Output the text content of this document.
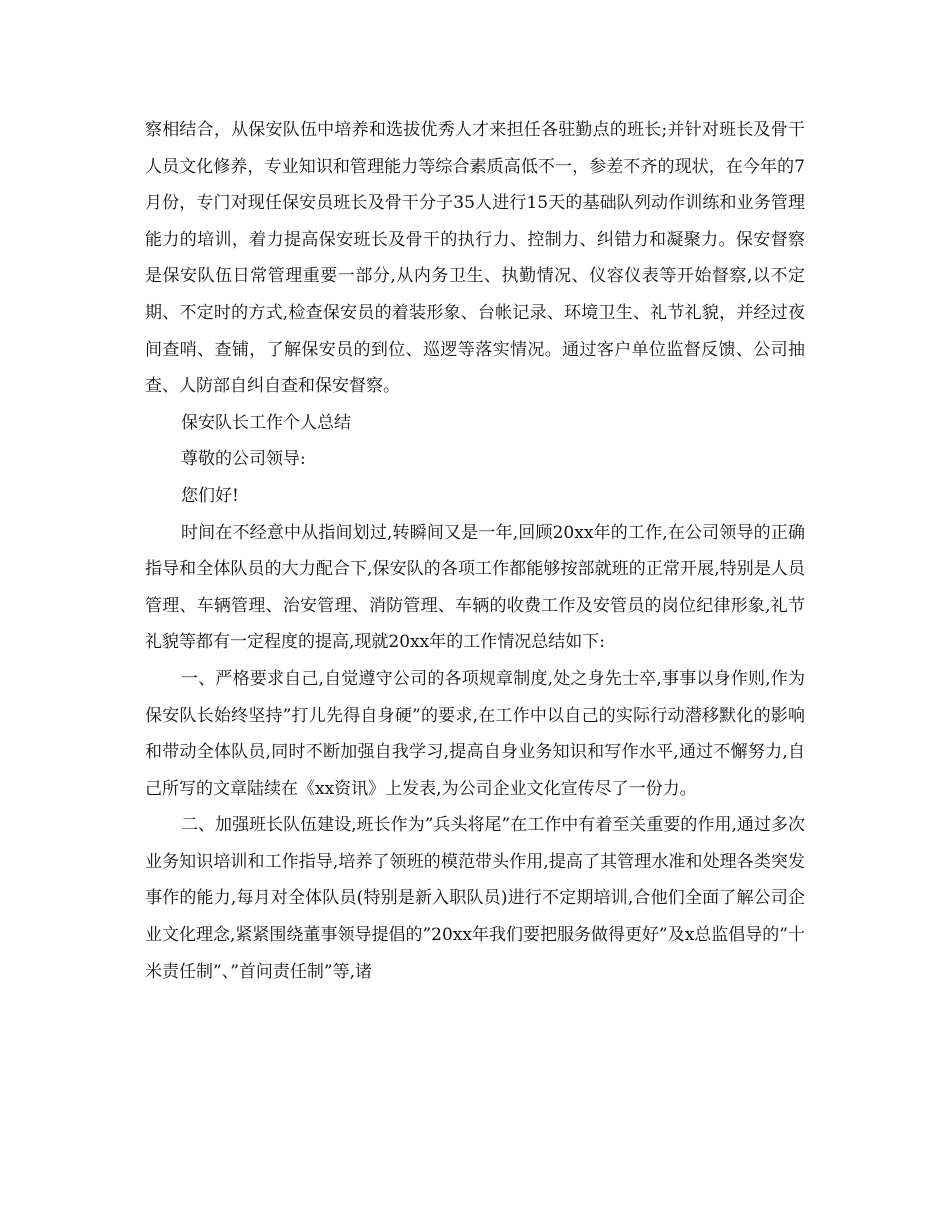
察相结合，从保安队伍中培养和选拔优秀人才来担任各驻勤点的班长;并针对班长及骨干人员文化修养，专业知识和管理能力等综合素质高低不一，参差不齐的现状，在今年的7月份，专门对现任保安员班长及骨干分子35人进行15天的基础队列动作训练和业务管理能力的培训，着力提高保安班长及骨干的执行力、控制力、纠错力和凝聚力。保安督察是保安队伍日常管理重要一部分,从内务卫生、执勤情况、仪容仪表等开始督察,以不定期、不定时的方式,检查保安员的着装形象、台帐记录、环境卫生、礼节礼貌，并经过夜间查哨、查铺，了解保安员的到位、巡逻等落实情况。通过客户单位监督反馈、公司抽查、人防部自纠自查和保安督察。

保安队长工作个人总结

尊敬的公司领导:

您们好!

时间在不经意中从指间划过,转瞬间又是一年,回顾20xx年的工作,在公司领导的正确指导和全体队员的大力配合下,保安队的各项工作都能够按部就班的正常开展,特别是人员管理、车辆管理、治安管理、消防管理、车辆的收费工作及安管员的岗位纪律形象,礼节礼貌等都有一定程度的提高,现就20xx年的工作情况总结如下:

一、严格要求自己,自觉遵守公司的各项规章制度,处之身先士卒,事事以身作则,作为保安队长始终坚持”打儿先得自身硬”的要求,在工作中以自己的实际行动潜移默化的影响和带动全体队员,同时不断加强自我学习,提高自身业务知识和写作水平,通过不懈努力,自己所写的文章陆续在《xx资讯》上发表,为公司企业文化宣传尽了一份力。

二、加强班长队伍建设,班长作为”兵头将尾”在工作中有着至关重要的作用,通过多次业务知识培训和工作指导,培养了领班的模范带头作用,提高了其管理水准和处理各类突发事作的能力,每月对全体队员(特别是新入职队员)进行不定期培训,合他们全面了解公司企业文化理念,紧紧围绕董事领导提倡的”20xx年我们要把服务做得更好”及x总监倡导的”十米责任制”、”首问责任制”等,诸
